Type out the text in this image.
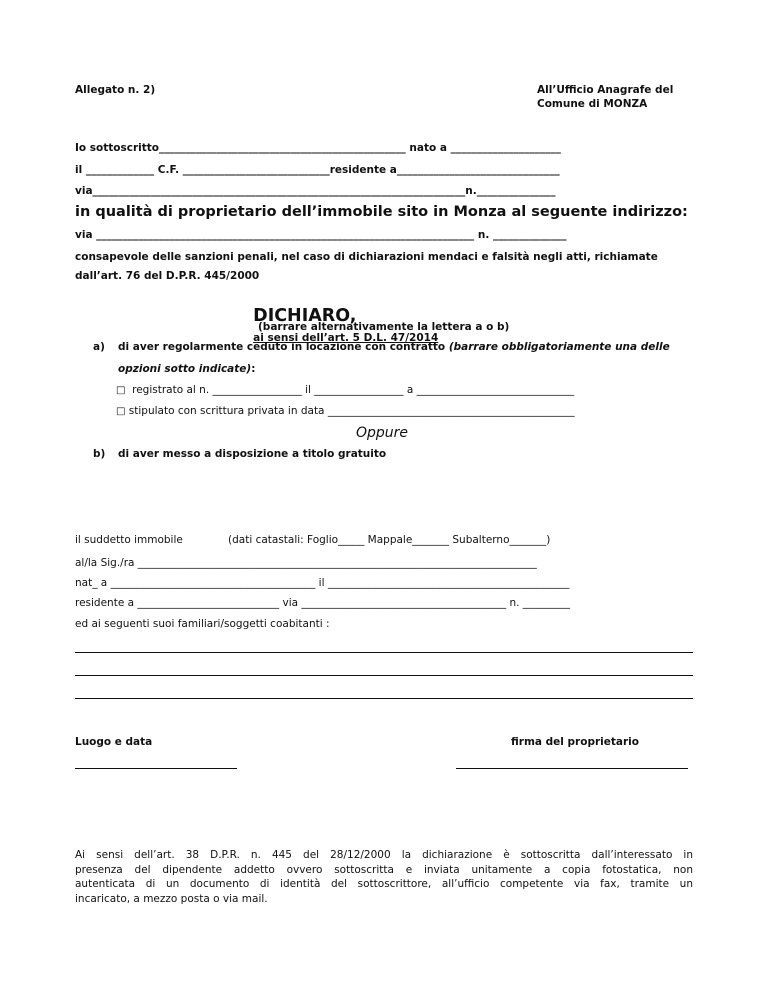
Allegato n. 2)	All’Ufficio Anagrafe del
Comune di MONZA
Io sottoscritto_______________________________________________ nato a _____________________
il _____________ C.F. ____________________________residente a_______________________________
via_______________________________________________________________________n._______________
in qualità di proprietario dell’immobile sito in Monza al seguente indirizzo:
via ________________________________________________________________________ n. ______________
consapevole delle sanzioni penali, nel caso di dichiarazioni mendaci e falsità negli atti, richiamate
dall’art. 76 del D.P.R. 445/2000

DICHIARO,
ai sensi dell’art. 5 D.L. 47/2014

(barrare alternativamente la lettera a o b)
a) di aver regolarmente ceduto in locazione con contratto (barrare obbligatoriamente una delle
opzioni sotto indicate):
□ registrato al n. _________________ il _________________ a ______________________________
□ stipulato con scrittura privata in data _______________________________________________
Oppure
b) di aver messo a disposizione a titolo gratuito
il suddetto immobile	(dati catastali: Foglio_____ Mappale_______ Subalterno_______)
al/la Sig./ra ____________________________________________________________________________
nat_ a _______________________________________ il ______________________________________________
residente a ___________________________ via _______________________________________ n. _________
ed ai seguenti suoi familiari/soggetti coabitanti :
Luogo e data	firma del proprietario
Ai sensi dell’art. 38 D.P.R. n. 445 del 28/12/2000 la dichiarazione è sottoscritta dall’interessato in
presenza del dipendente addetto ovvero sottoscritta e inviata unitamente a copia fotostatica, non
autenticata di un documento di identità del sottoscrittore, all’ufficio competente via fax, tramite un
incaricato, a mezzo posta o via mail.
